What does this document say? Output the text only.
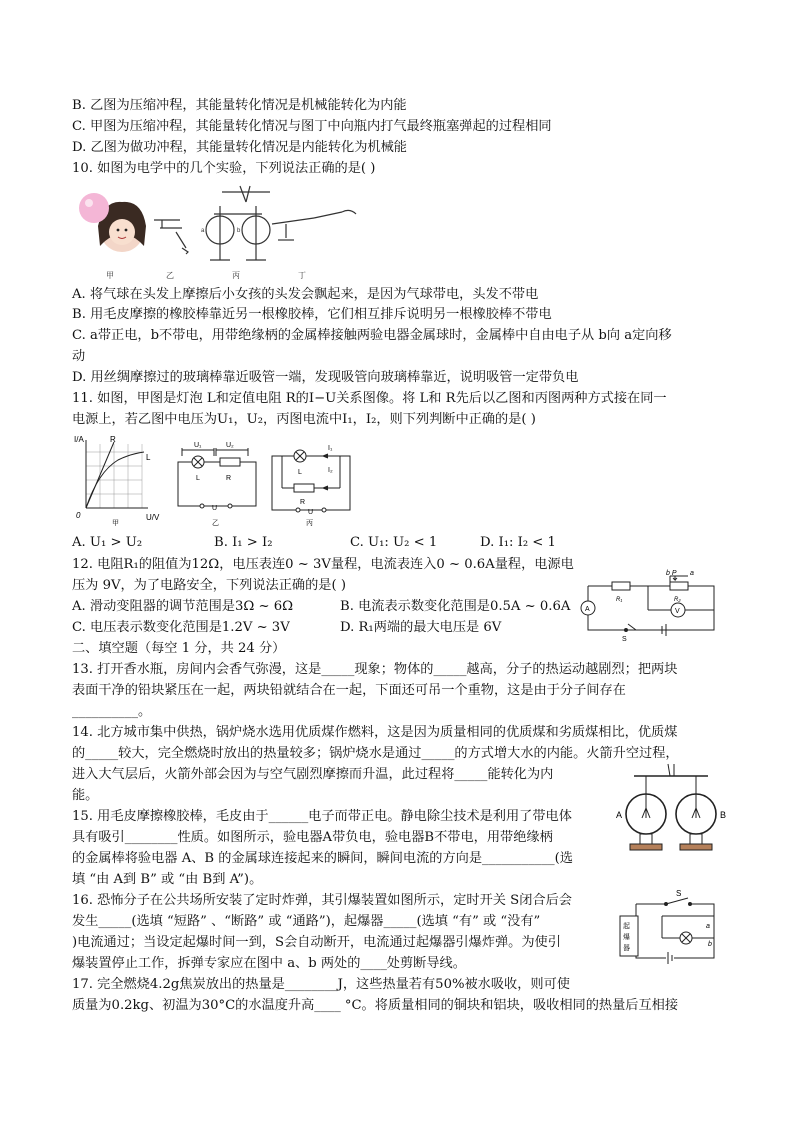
B. 乙图为压缩冲程，其能量转化情况是机械能转化为内能
C. 甲图为压缩冲程，其能量转化情况与图丁中向瓶内打气最终瓶塞弹起的过程相同
D. 乙图为做功冲程，其能量转化情况是内能转化为机械能
10. 如图为电学中的几个实验，下列说法正确的是( )
a	b
甲	乙	丙	丁
A. 将气球在头发上摩擦后小女孩的头发会飘起来，是因为气球带电，头发不带电
B. 用毛皮摩擦的橡胶棒靠近另一根橡胶棒，它们相互排斥说明另一根橡胶棒不带电
C. a带正电，b不带电，用带绝缘柄的金属棒接触两验电器金属球时，金属棒中自由电子从 b向 a定向移
动
D. 用丝绸摩擦过的玻璃棒靠近吸管一端，发现吸管向玻璃棒靠近，说明吸管一定带负电
11. 如图，甲图是灯泡 L和定值电阻 R的I−U关系图像。将 L和 R先后以乙图和丙图两种方式接在同一
电源上，若乙图中电压为U₁，U₂，丙图电流中I₁，I₂，则下列判断中正确的是( )
I/A	R
L
U/V
0
甲
U₁	U₂
L	R
U
乙
I₁
I₂
L
R
U
丙
A. U₁ > U₂	B. I₁ > I₂	C. U₁: U₂ < 1	D. I₁: I₂ < 1
12. 电阻R₁的阻值为12Ω，电压表连0 ~ 3V量程，电流表连入0 ~ 0.6A量程，电源电
压为 9V，为了电路安全，下列说法正确的是( )
A. 滑动变阻器的调节范围是3Ω ~ 6Ω	B. 电流表示数变化范围是0.5A ~ 0.6A
C. 电压表示数变化范围是1.2V ~ 3V	D. R₁两端的最大电压是 6V
b P a
R₁	R₂
A	V
S
二、填空题（每空 1 分，共 24 分）
13. 打开香水瓶，房间内会香气弥漫，这是_____现象；物体的_____越高，分子的热运动越剧烈；把两块
表面干净的铅块紧压在一起，两块铅就结合在一起，下面还可吊一个重物，这是由于分子间存在
__________。
14. 北方城市集中供热，锅炉烧水选用优质煤作燃料，这是因为质量相同的优质煤和劣质煤相比，优质煤
的_____较大，完全燃烧时放出的热量较多；锅炉烧水是通过_____的方式增大水的内能。火箭升空过程，
进入大气层后，火箭外部会因为与空气剧烈摩擦而升温，此过程将_____能转化为内
能。
A	B
15. 用毛皮摩擦橡胶棒，毛皮由于______电子而带正电。静电除尘技术是利用了带电体
具有吸引________性质。如图所示，验电器A带负电，验电器B不带电，用带绝缘柄
的金属棒将验电器 A、B 的金属球连接起来的瞬间，瞬间电流的方向是___________(选
填 “由 A到 B” 或 “由 B到 A”)。
16. 恐怖分子在公共场所安装了定时炸弹，其引爆装置如图所示，定时开关 S闭合后会
发生_____(选填 “短路” 、“断路” 或 “通路”)，起爆器_____(选填 “有” 或 “没有”
)电流通过；当设定起爆时间一到，S会自动断开，电流通过起爆器引爆炸弹。为使引
爆装置停止工作，拆弹专家应在图中 a、b 两处的____处剪断导线。
S
a
b
起
爆
器
17. 完全燃烧4.2g焦炭放出的热量是________J，这些热量若有50%被水吸收，则可使
质量为0.2kg、初温为30°C的水温度升高____ °C。将质量相同的铜块和铝块，吸收相同的热量后互相接
